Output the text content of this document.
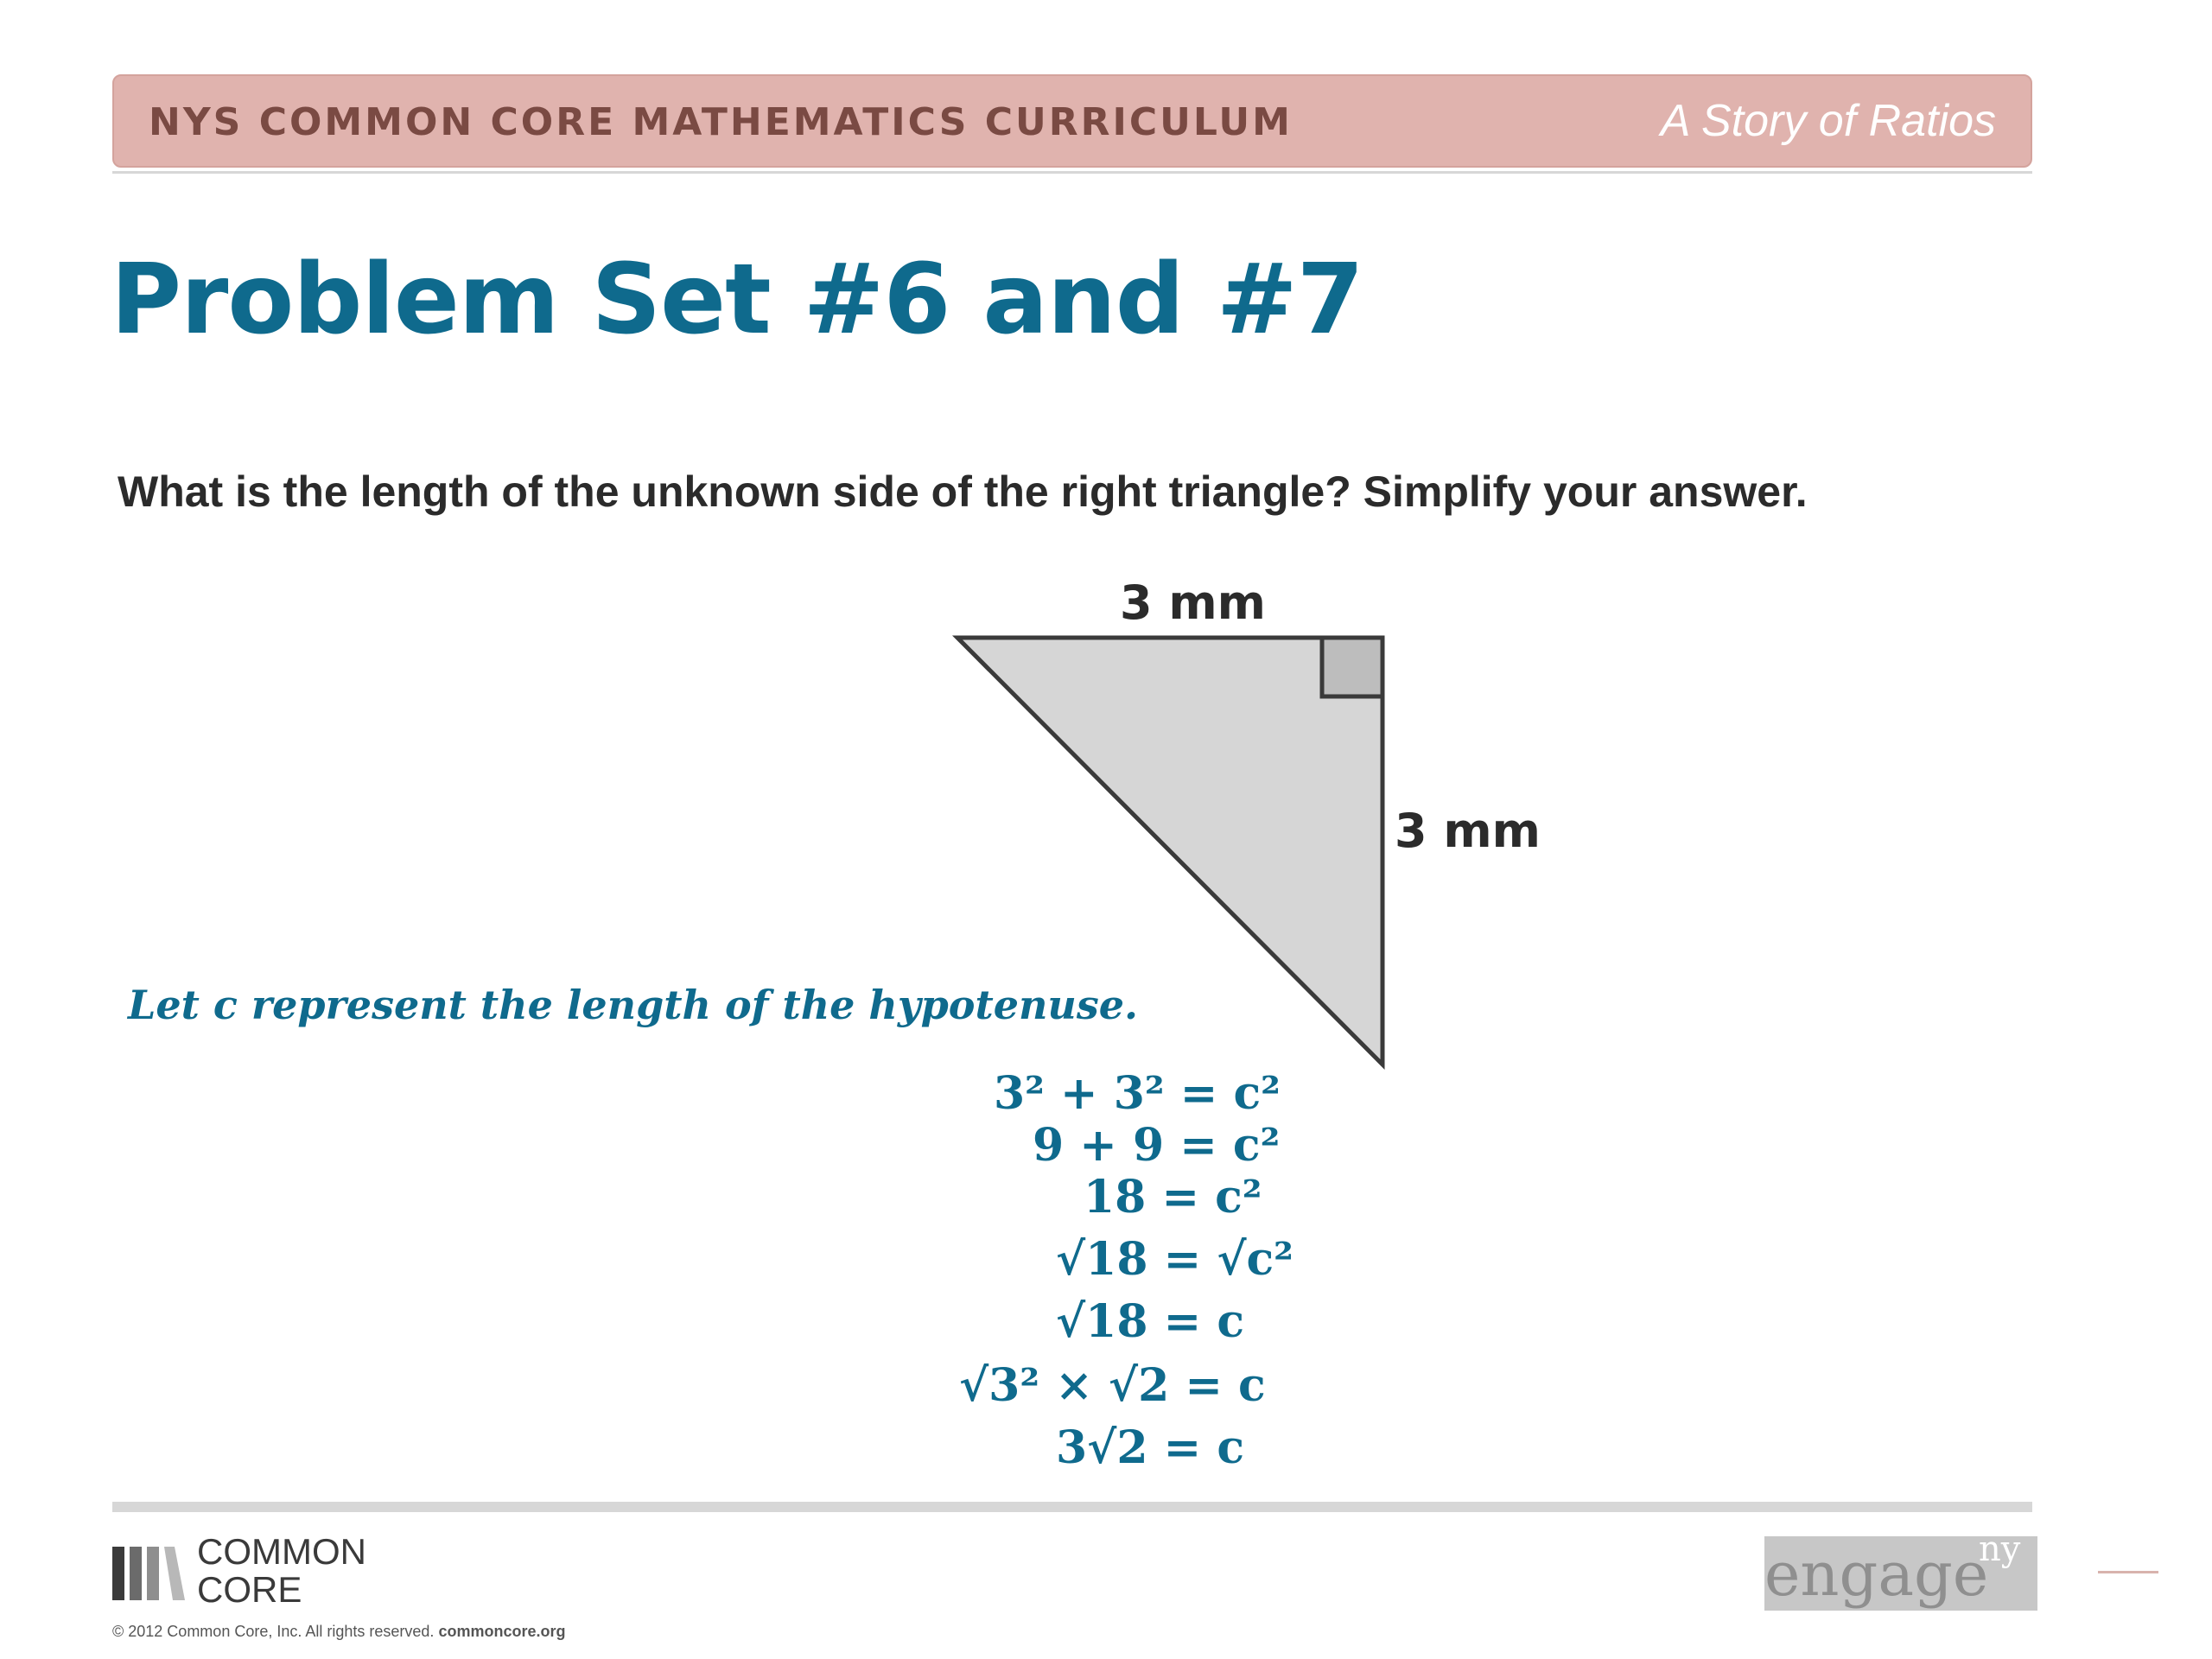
NYS COMMON CORE MATHEMATICS CURRICULUM	A Story of Ratios
Problem Set #6 and #7
What is the length of the unknown side of the right triangle? Simplify your answer.
3 mm
3 mm
Let c represent the length of the hypotenuse.
3² + 3² = c²
9 + 9 = c²
18 = c²
√18 = √c²
√18 = c
√3² × √2 = c
3√2 = c
COMMON
CORE
© 2012 Common Core, Inc. All rights reserved. commoncore.org
engage
ny
